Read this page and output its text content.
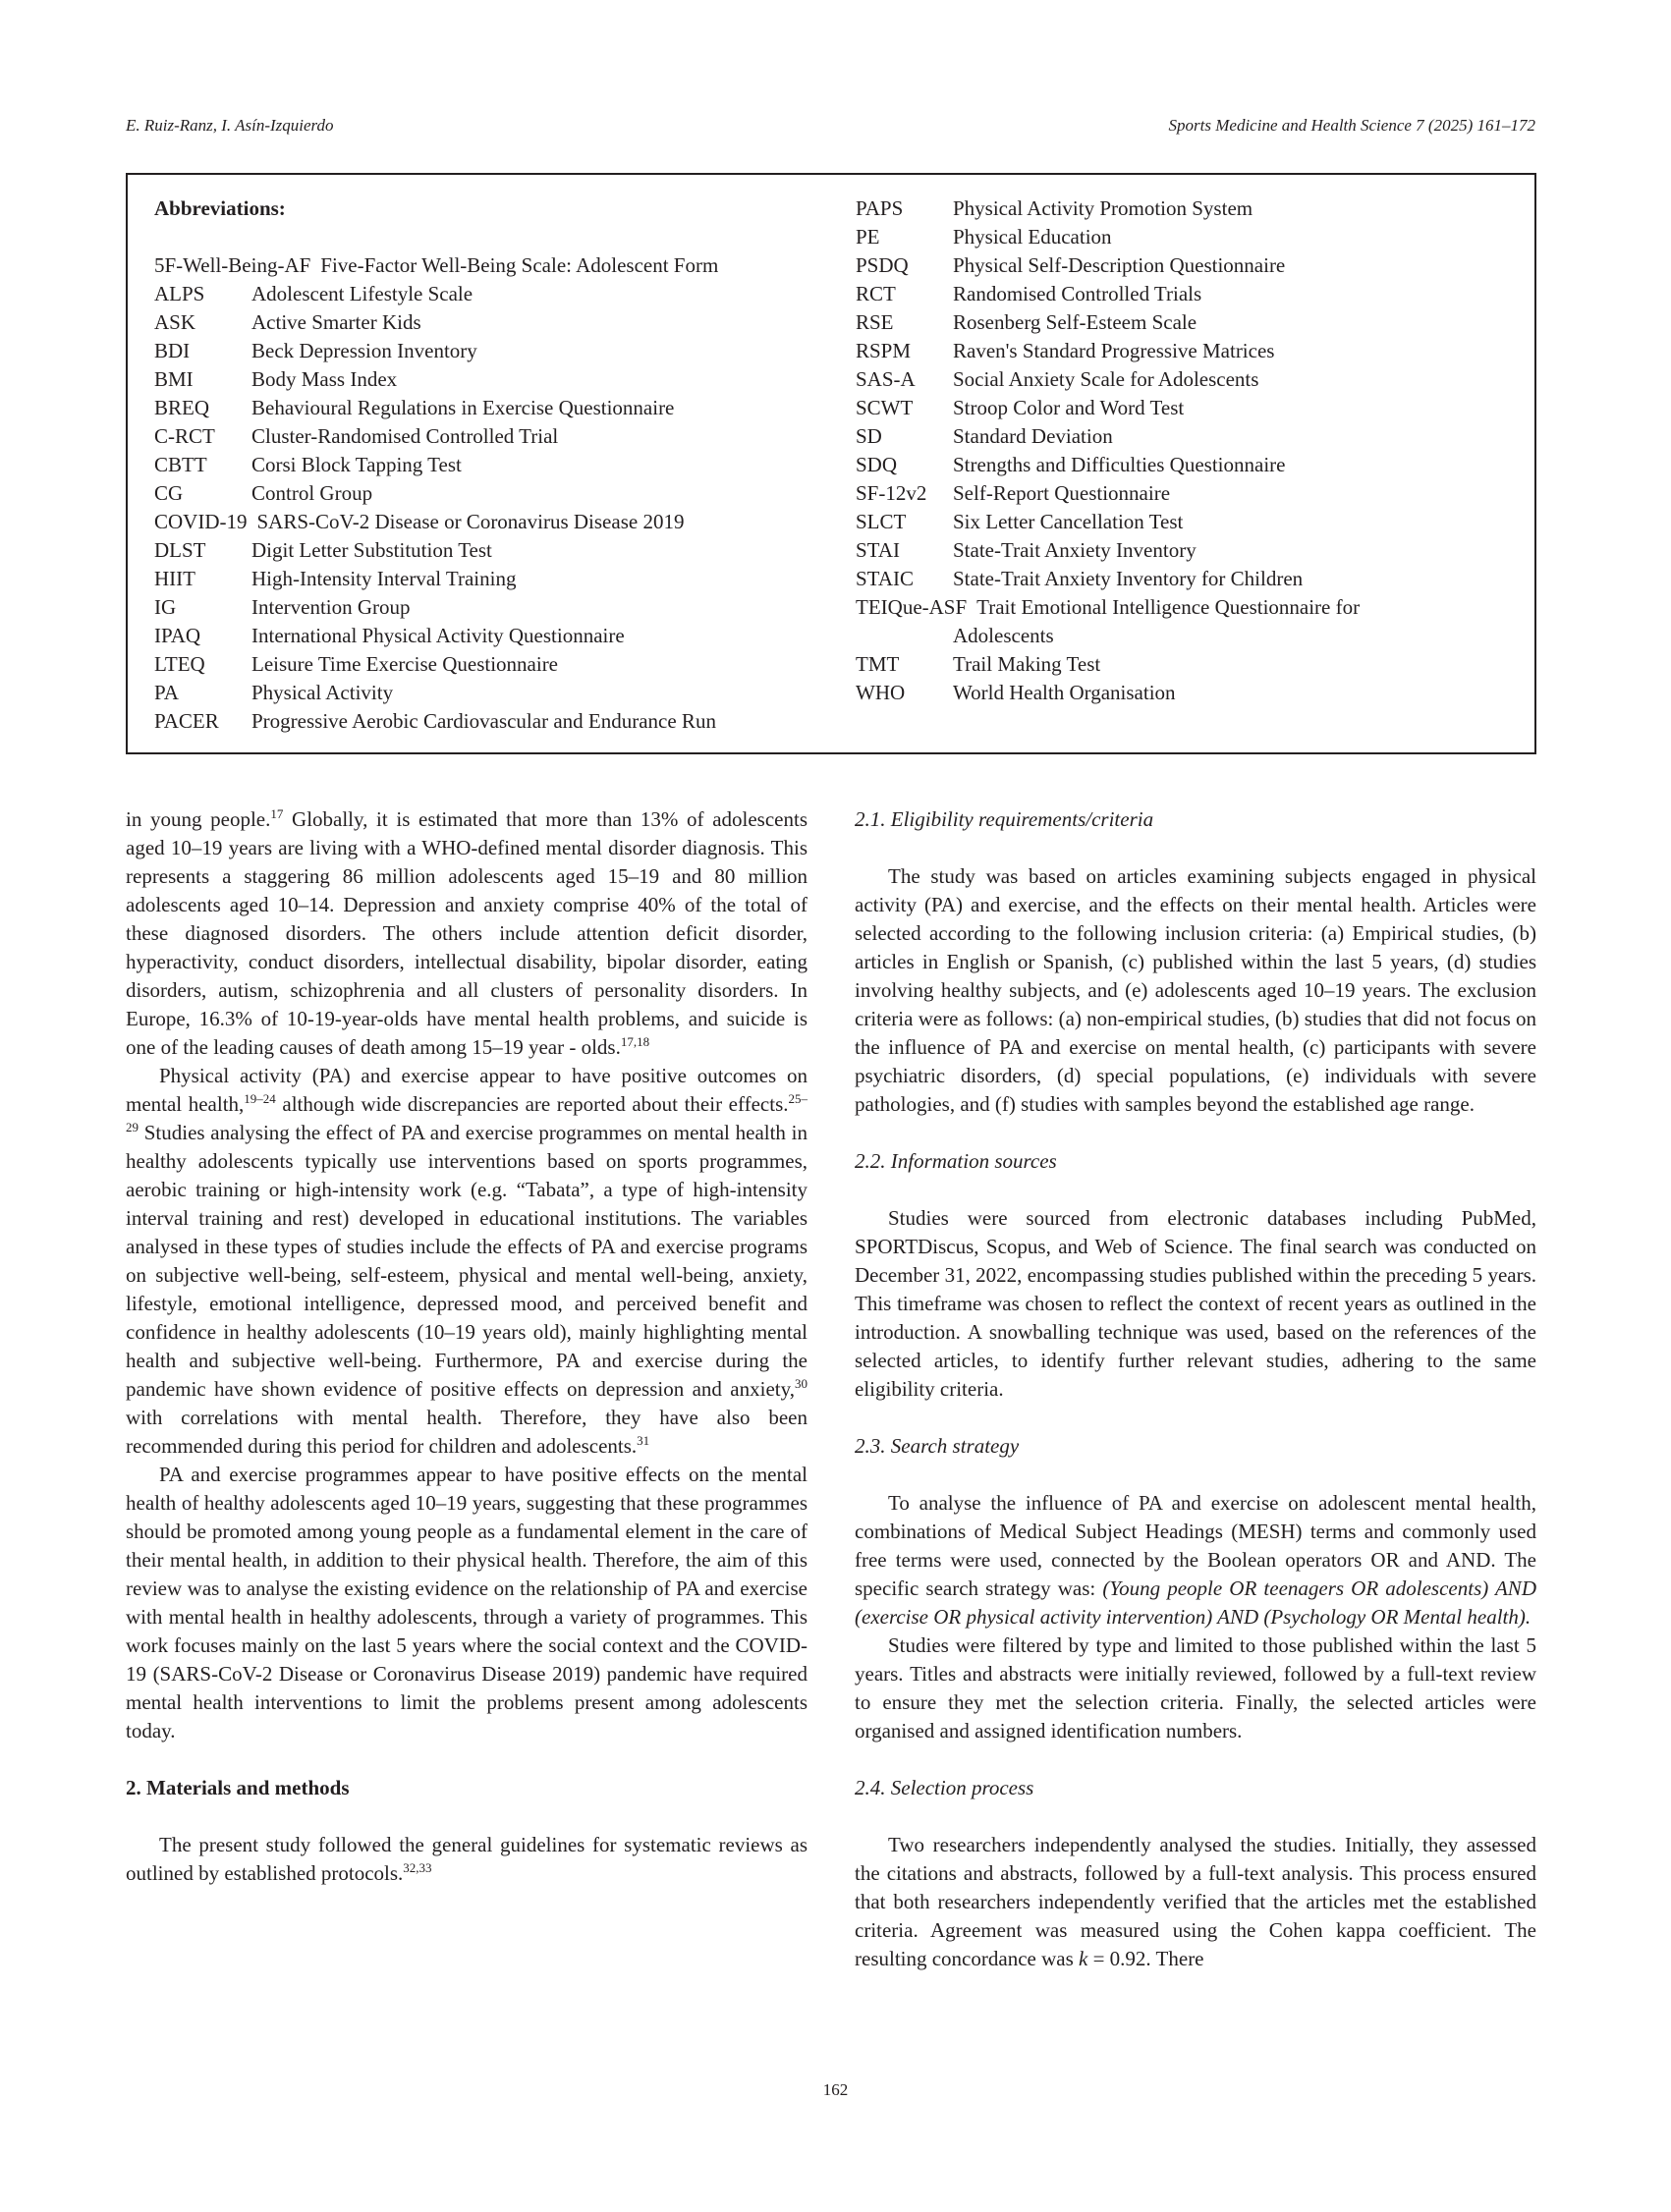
E. Ruiz-Ranz, I. Asín-Izquierdo	Sports Medicine and Health Science 7 (2025) 161–172
Abbreviations:
5F-Well-Being-AF Five-Factor Well-Being Scale: Adolescent Form
ALPS	Adolescent Lifestyle Scale
ASK	Active Smarter Kids
BDI	Beck Depression Inventory
BMI	Body Mass Index
BREQ	Behavioural Regulations in Exercise Questionnaire
C-RCT	Cluster-Randomised Controlled Trial
CBTT	Corsi Block Tapping Test
CG	Control Group
COVID-19 SARS-CoV-2 Disease or Coronavirus Disease 2019
DLST	Digit Letter Substitution Test
HIIT	High-Intensity Interval Training
IG	Intervention Group
IPAQ	International Physical Activity Questionnaire
LTEQ	Leisure Time Exercise Questionnaire
PA	Physical Activity
PACER	Progressive Aerobic Cardiovascular and Endurance Run
PAPS	Physical Activity Promotion System
PE	Physical Education
PSDQ	Physical Self-Description Questionnaire
RCT	Randomised Controlled Trials
RSE	Rosenberg Self-Esteem Scale
RSPM	Raven's Standard Progressive Matrices
SAS-A	Social Anxiety Scale for Adolescents
SCWT	Stroop Color and Word Test
SD	Standard Deviation
SDQ	Strengths and Difficulties Questionnaire
SF-12v2	Self-Report Questionnaire
SLCT	Six Letter Cancellation Test
STAI	State-Trait Anxiety Inventory
STAIC	State-Trait Anxiety Inventory for Children
TEIQue-ASF Trait Emotional Intelligence Questionnaire for
Adolescents
TMT	Trail Making Test
WHO	World Health Organisation

in young people.$^{17}$ Globally, it is estimated that more than 13% of adolescents aged 10–19 years are living with a WHO-defined mental disorder diagnosis. This represents a staggering 86 million adolescents aged 15–19 and 80 million adolescents aged 10–14. Depression and anxiety comprise 40% of the total of these diagnosed disorders. The others include attention deficit disorder, hyperactivity, conduct disorders, intellectual disability, bipolar disorder, eating disorders, autism, schizophrenia and all clusters of personality disorders. In Europe, 16.3% of 10-19-year-olds have mental health problems, and suicide is one of the leading causes of death among 15–19 year - olds.$^{17,18}$

Physical activity (PA) and exercise appear to have positive outcomes on mental health,$^{19-24}$ although wide discrepancies are reported about their effects.$^{25-29}$ Studies analysing the effect of PA and exercise programmes on mental health in healthy adolescents typically use interventions based on sports programmes, aerobic training or high-intensity work (e.g. “Tabata”, a type of high-intensity interval training and rest) developed in educational institutions. The variables analysed in these types of studies include the effects of PA and exercise programs on subjective well-being, self-esteem, physical and mental well-being, anxiety, lifestyle, emotional intelligence, depressed mood, and perceived benefit and confidence in healthy adolescents (10–19 years old), mainly highlighting mental health and subjective well-being. Furthermore, PA and exercise during the pandemic have shown evidence of positive effects on depression and anxiety,$^{30}$ with correlations with mental health. Therefore, they have also been recommended during this period for children and adolescents.$^{31}$

PA and exercise programmes appear to have positive effects on the mental health of healthy adolescents aged 10–19 years, suggesting that these programmes should be promoted among young people as a fundamental element in the care of their mental health, in addition to their physical health. Therefore, the aim of this review was to analyse the existing evidence on the relationship of PA and exercise with mental health in healthy adolescents, through a variety of programmes. This work focuses mainly on the last 5 years where the social context and the COVID-19 (SARS-CoV-2 Disease or Coronavirus Disease 2019) pandemic have required mental health interventions to limit the problems present among adolescents today.

2. Materials and methods

The present study followed the general guidelines for systematic reviews as outlined by established protocols.$^{32,33}$

2.1. Eligibility requirements/criteria

The study was based on articles examining subjects engaged in physical activity (PA) and exercise, and the effects on their mental health. Articles were selected according to the following inclusion criteria: (a) Empirical studies, (b) articles in English or Spanish, (c) published within the last 5 years, (d) studies involving healthy subjects, and (e) adolescents aged 10–19 years. The exclusion criteria were as follows: (a) non-empirical studies, (b) studies that did not focus on the influence of PA and exercise on mental health, (c) participants with severe psychiatric disorders, (d) special populations, (e) individuals with severe pathologies, and (f) studies with samples beyond the established age range.

2.2. Information sources

Studies were sourced from electronic databases including PubMed, SPORTDiscus, Scopus, and Web of Science. The final search was conducted on December 31, 2022, encompassing studies published within the preceding 5 years. This timeframe was chosen to reflect the context of recent years as outlined in the introduction. A snowballing technique was used, based on the references of the selected articles, to identify further relevant studies, adhering to the same eligibility criteria.

2.3. Search strategy

To analyse the influence of PA and exercise on adolescent mental health, combinations of Medical Subject Headings (MESH) terms and commonly used free terms were used, connected by the Boolean operators OR and AND. The specific search strategy was: (Young people OR teenagers OR adolescents) AND (exercise OR physical activity intervention) AND (Psychology OR Mental health).

Studies were filtered by type and limited to those published within the last 5 years. Titles and abstracts were initially reviewed, followed by a full-text review to ensure they met the selection criteria. Finally, the selected articles were organised and assigned identification numbers.

2.4. Selection process

Two researchers independently analysed the studies. Initially, they assessed the citations and abstracts, followed by a full-text analysis. This process ensured that both researchers independently verified that the articles met the established criteria. Agreement was measured using the Cohen kappa coefficient. The resulting concordance was k = 0.92. There

162
